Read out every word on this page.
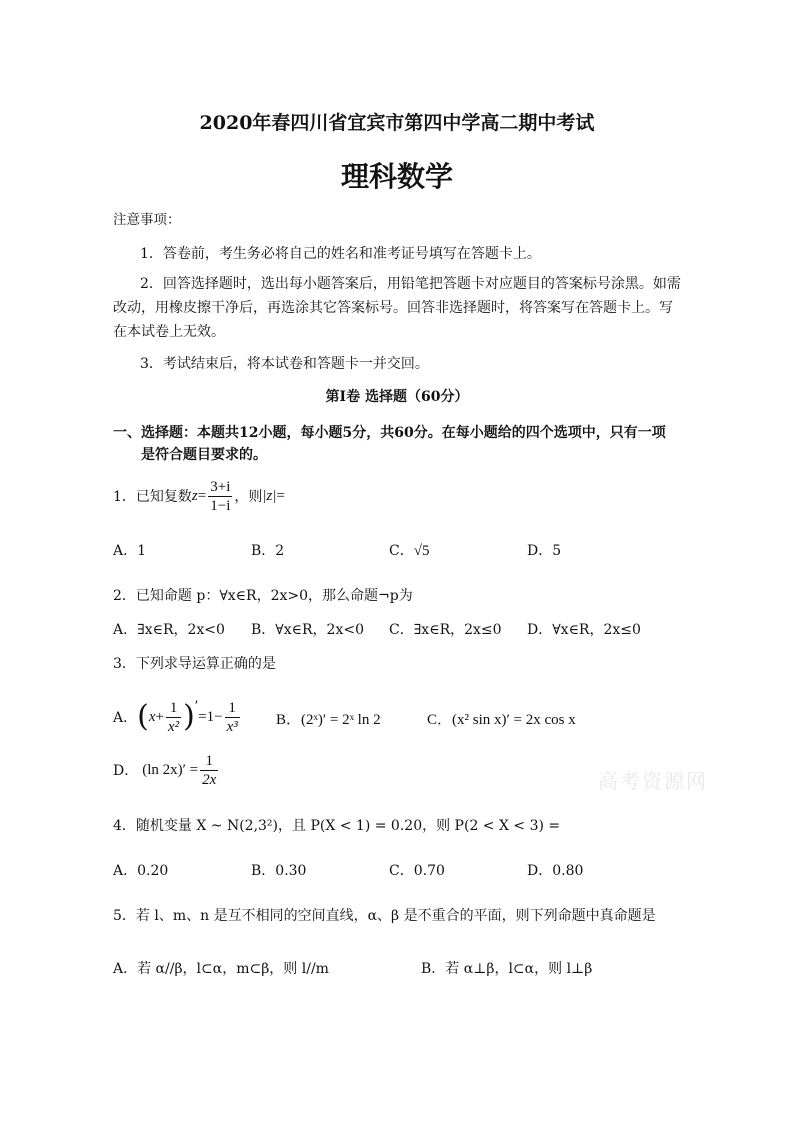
2020年春四川省宜宾市第四中学高二期中考试
理科数学
注意事项：
1．答卷前，考生务必将自己的姓名和准考证号填写在答题卡上。
2．回答选择题时，选出每小题答案后，用铅笔把答题卡对应题目的答案标号涂黑。如需
改动，用橡皮擦干净后，再选涂其它答案标号。回答非选择题时，将答案写在答题卡上。写
在本试卷上无效。
3．考试结束后，将本试卷和答题卡一并交回。
第Ⅰ卷 选择题（60分）
一、选择题：本题共12小题，每小题5分，共60分。在每小题给的四个选项中，只有一项
是符合题目要求的。
1．已知复数 $z = \frac{3+i}{1-i}$ ，则 |z| =
A．1	B．2	C．√5	D．5
2．已知命题 p：∀x∈R，2x>0，那么命题¬p为
A．∃x∈R，2x<0 B．∀x∈R，2x<0 C．∃x∈R，2x≤0 D．∀x∈R，2x≤0
3．下列求导运算正确的是
A． ( $x + \frac{1}{\text{x²}}$ ) ′
$=1- \frac{1}{\text{x³}}$ B．(2ˣ)′ = 2ˣ ln 2	C．(x² sin x)′ = 2x cos x
D． (ln $2x)' = \frac{1}{2x}$
4．随机变量 X ~ N(2,3²)，且 P(X < 1) = 0.20，则 P(2 < X < 3) =
A．0.20	B．0.30	C．0.70	D．0.80
5．若 l、m、n 是互不相同的空间直线，α、β 是不重合的平面，则下列命题中真命题是
A．若 α//β，l⊂α，m⊂β，则 l//m	B．若 α⊥β，l⊂α，则 l⊥β
高考资源网
